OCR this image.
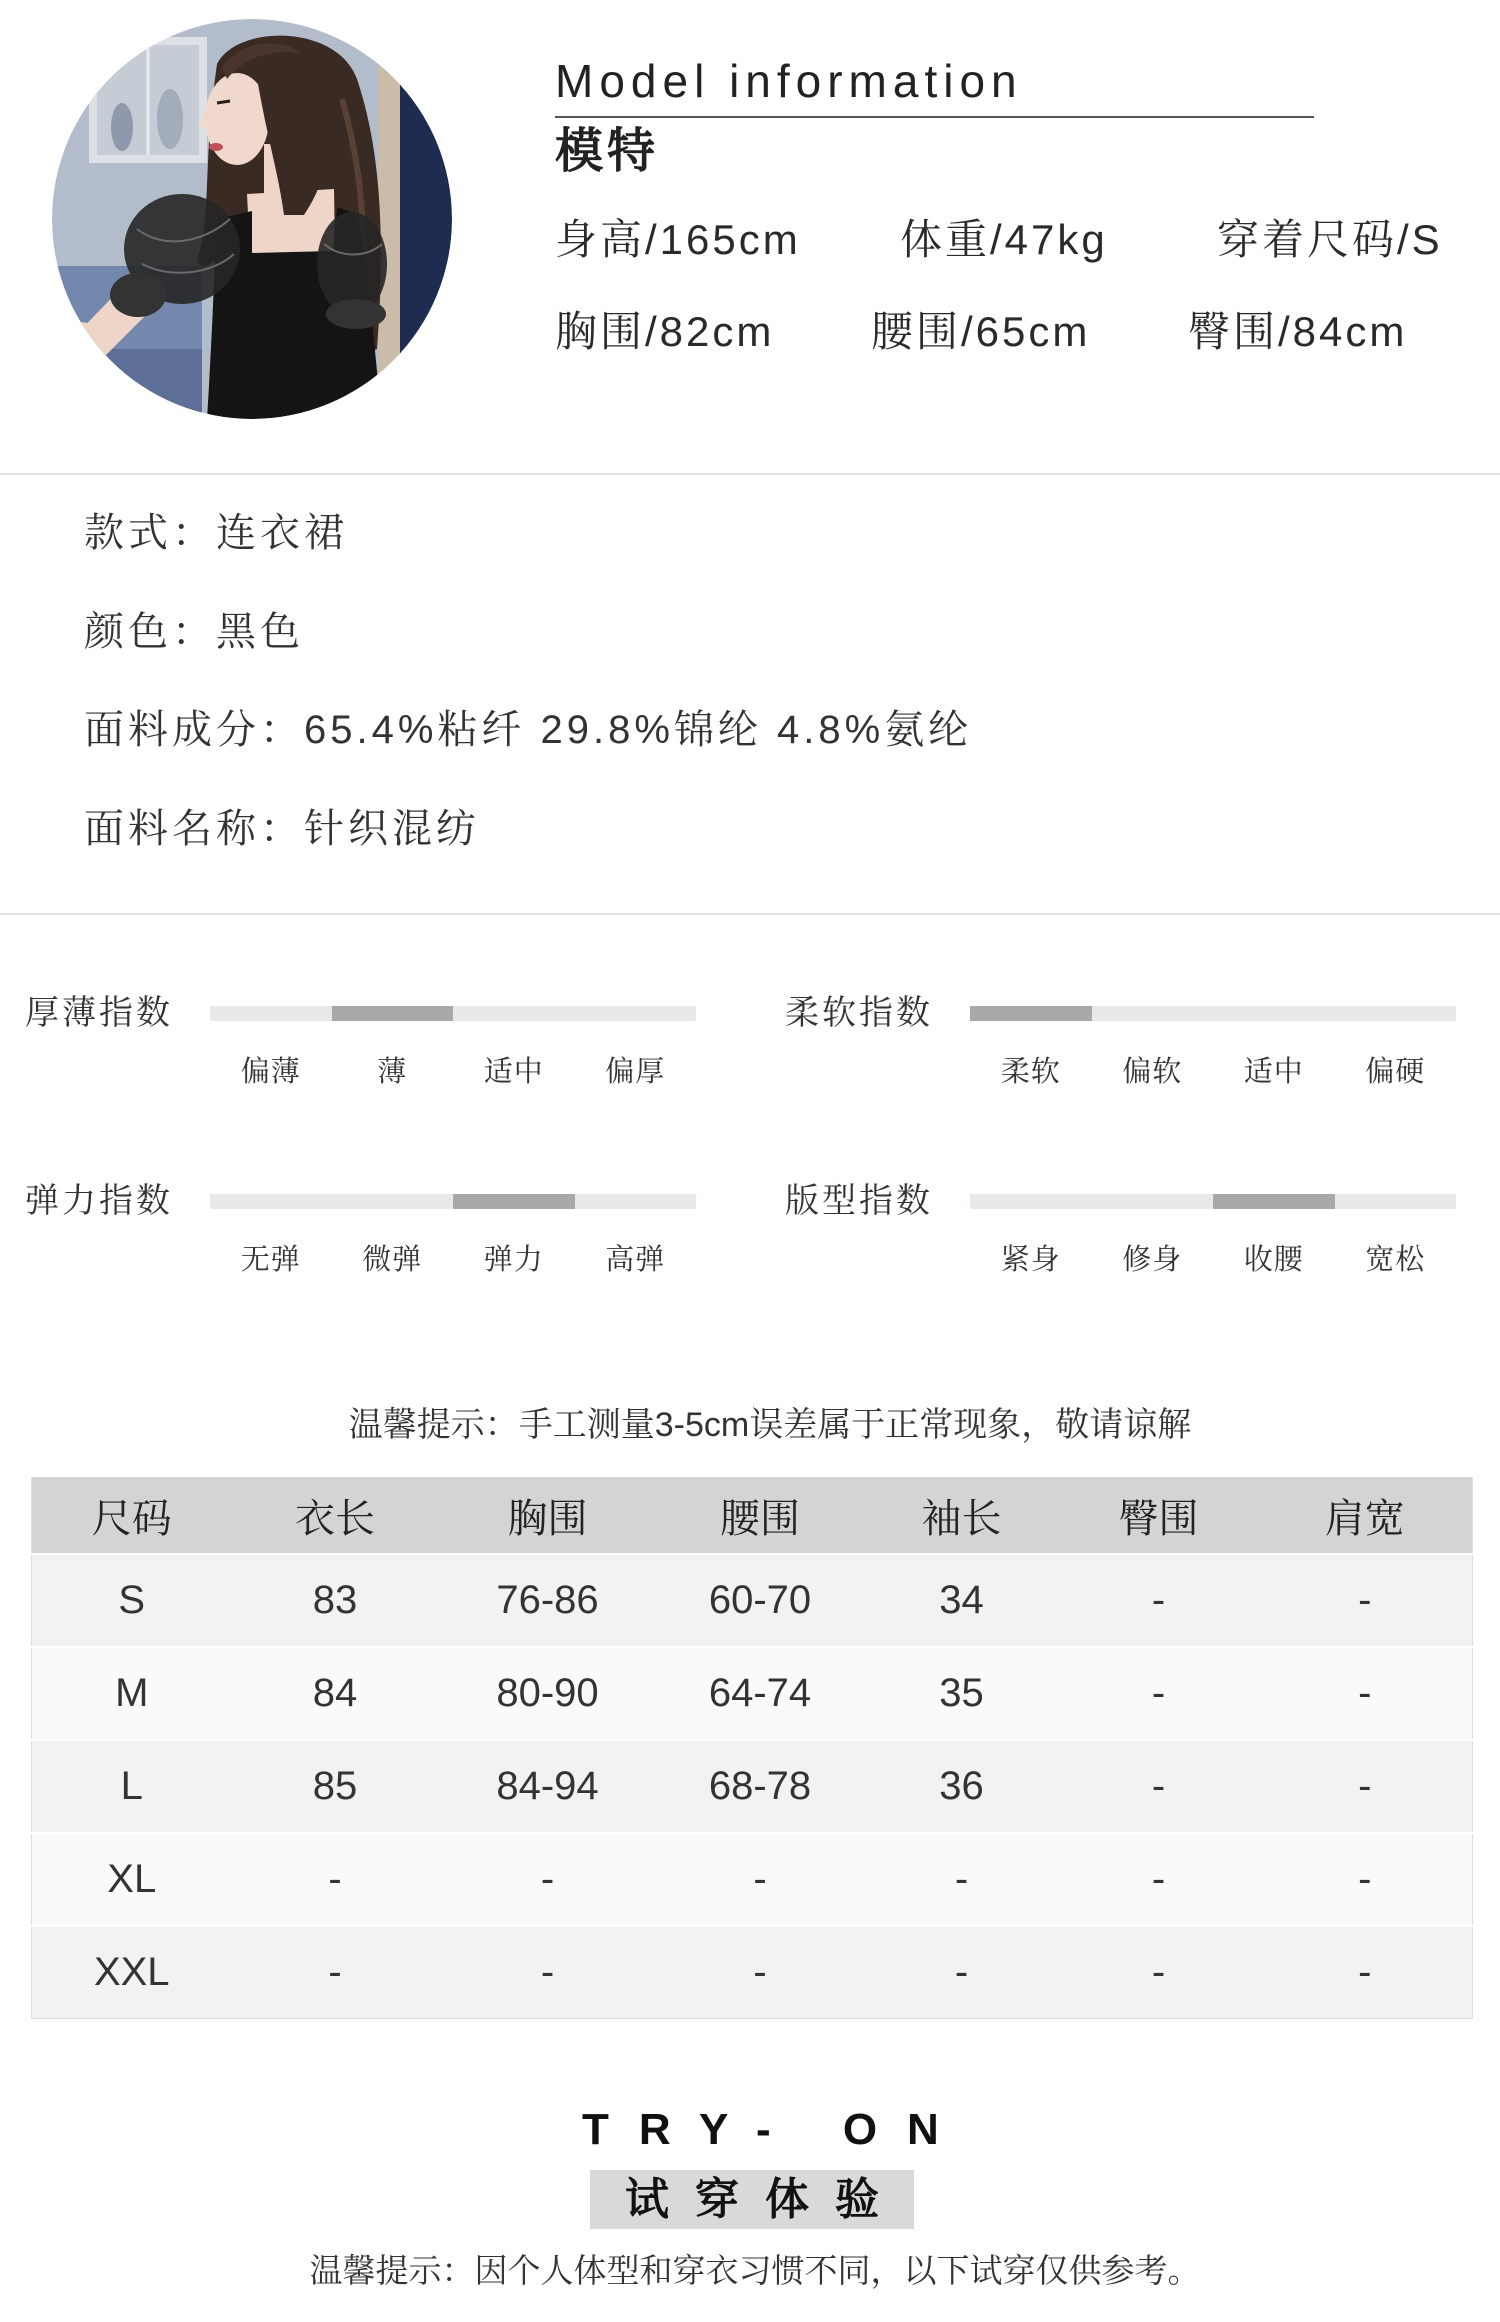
Model information
模特
身高/165cm 体重/47kg	穿着尺码/S
胸围/82cm 腰围/65cm 臀围/84cm
款式：连衣裙
颜色：黑色
面料成分：65.4%粘纤 29.8%锦纶 4.8%氨纶
面料名称：针织混纺
厚薄指数
偏薄	薄	适中	偏厚
柔软指数
柔软	偏软	适中	偏硬
弹力指数
无弹	微弹	弹力	高弹
版型指数
紧身	修身	收腰	宽松
温馨提示：手工测量3-5cm误差属于正常现象，敬请谅解
尺码	衣长	胸围	腰围	袖长	臀围	肩宽
S	83	76-86	60-70	34	-	-
M	84	80-90	64-74	35	-	-
L	85	84-94	68-78	36	-	-
XL	-	-	-	-	-	-
XXL	-	-	-	-	-	-
TRY- ON
试穿体验
温馨提示：因个人体型和穿衣习惯不同，以下试穿仅供参考。
